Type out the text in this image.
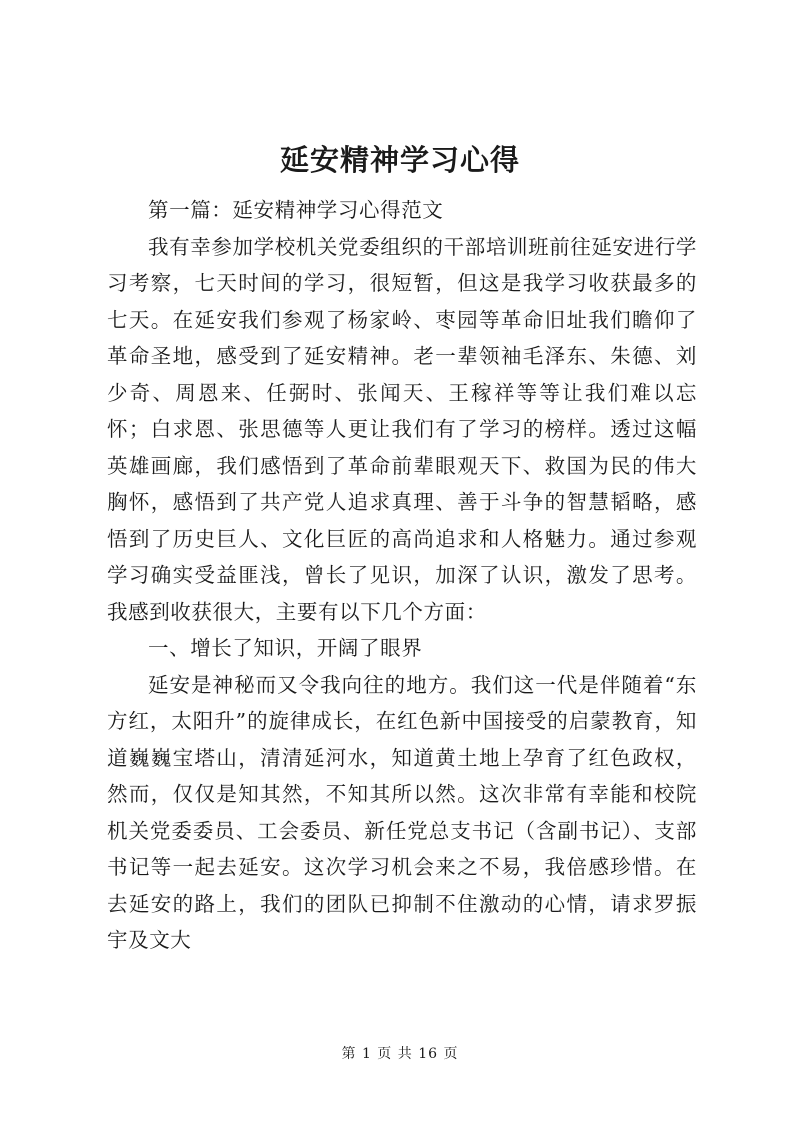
延安精神学习心得

第一篇：延安精神学习心得范文

我有幸参加学校机关党委组织的干部培训班前往延安进行学习考察，七天时间的学习，很短暂，但这是我学习收获最多的七天。在延安我们参观了杨家岭、枣园等革命旧址我们瞻仰了革命圣地，感受到了延安精神。老一辈领袖毛泽东、朱德、刘少奇、周恩来、任弼时、张闻天、王稼祥等等让我们难以忘怀；白求恩、张思德等人更让我们有了学习的榜样。透过这幅英雄画廊，我们感悟到了革命前辈眼观天下、救国为民的伟大胸怀，感悟到了共产党人追求真理、善于斗争的智慧韬略，感悟到了历史巨人、文化巨匠的高尚追求和人格魅力。通过参观学习确实受益匪浅，曾长了见识，加深了认识，激发了思考。我感到收获很大，主要有以下几个方面：

一、增长了知识，开阔了眼界

延安是神秘而又令我向往的地方。我们这一代是伴随着“东方红，太阳升”的旋律成长，在红色新中国接受的启蒙教育，知道巍巍宝塔山，清清延河水，知道黄土地上孕育了红色政权，然而，仅仅是知其然，不知其所以然。这次非常有幸能和校院机关党委委员、工会委员、新任党总支书记（含副书记）、支部书记等一起去延安。这次学习机会来之不易，我倍感珍惜。在去延安的路上，我们的团队已抑制不住激动的心情，请求罗振宇及文大

第 1 页 共 16 页
